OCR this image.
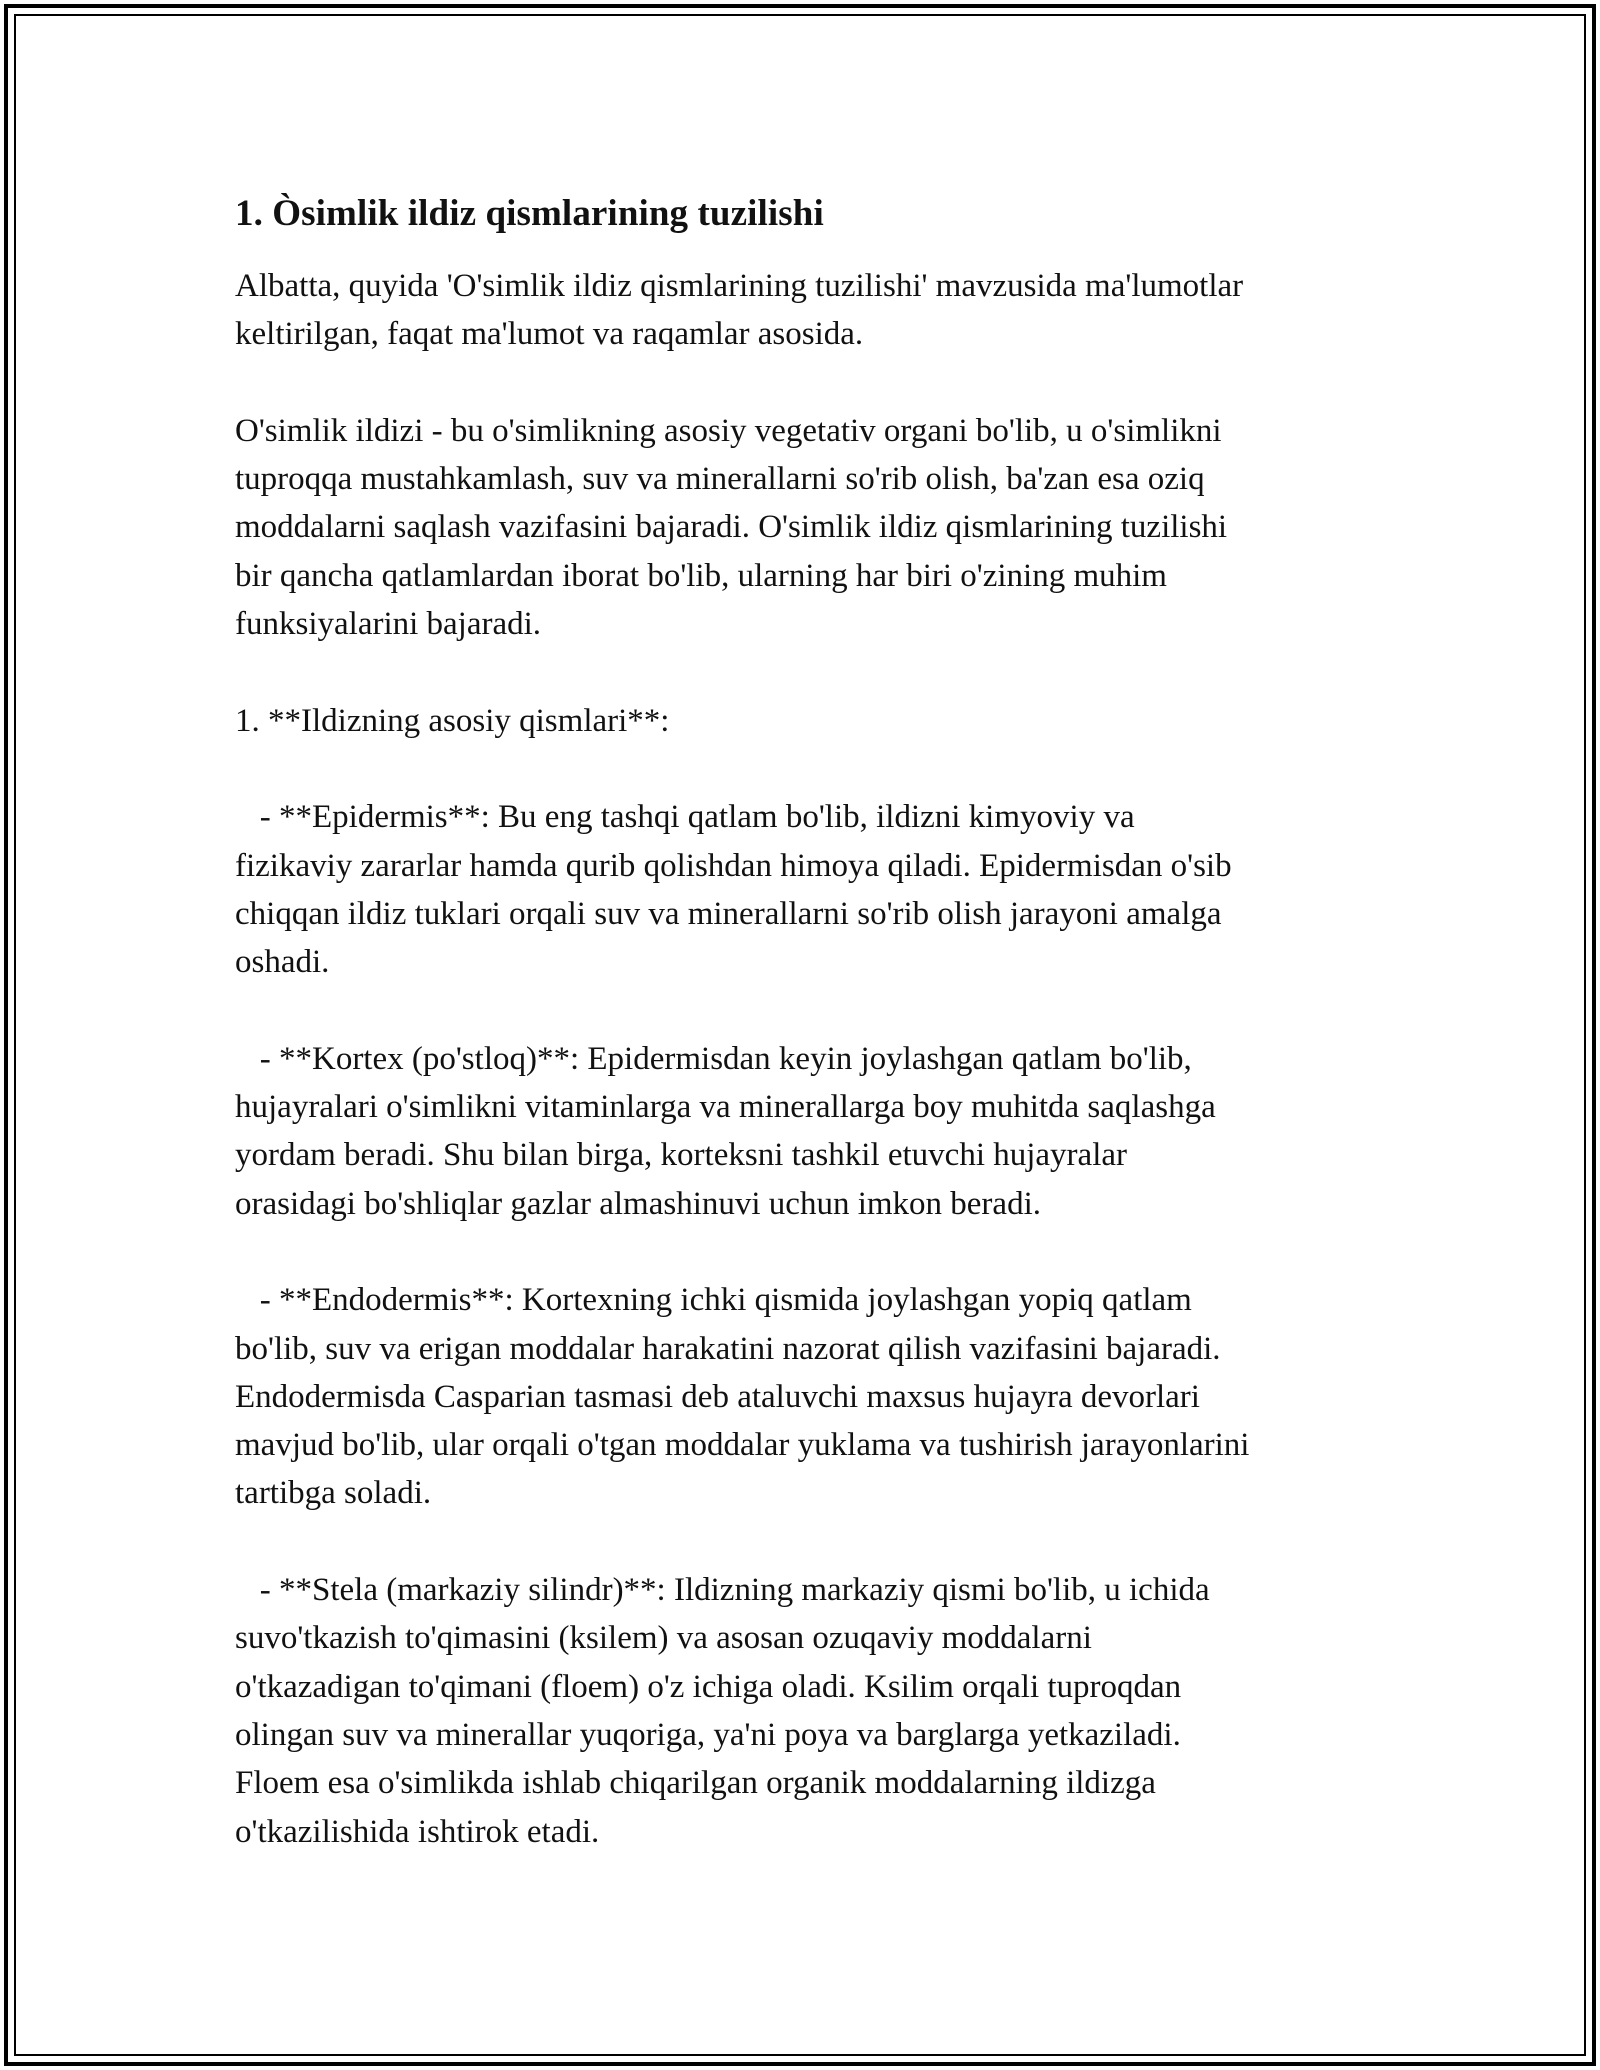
1. Òsimlik ildiz qismlarining tuzilishi

Albatta, quyida 'O'simlik ildiz qismlarining tuzilishi' mavzusida ma'lumotlar
keltirilgan, faqat ma'lumot va raqamlar asosida.

O'simlik ildizi - bu o'simlikning asosiy vegetativ organi bo'lib, u o'simlikni
tuproqqa mustahkamlash, suv va minerallarni so'rib olish, ba'zan esa oziq
moddalarni saqlash vazifasini bajaradi. O'simlik ildiz qismlarining tuzilishi
bir qancha qatlamlardan iborat bo'lib, ularning har biri o'zining muhim
funksiyalarini bajaradi.

1. **Ildizning asosiy qismlari**:

- **Epidermis**: Bu eng tashqi qatlam bo'lib, ildizni kimyoviy va
fizikaviy zararlar hamda qurib qolishdan himoya qiladi. Epidermisdan o'sib
chiqqan ildiz tuklari orqali suv va minerallarni so'rib olish jarayoni amalga
oshadi.

- **Kortex (po'stloq)**: Epidermisdan keyin joylashgan qatlam bo'lib,
hujayralari o'simlikni vitaminlarga va minerallarga boy muhitda saqlashga
yordam beradi. Shu bilan birga, korteksni tashkil etuvchi hujayralar
orasidagi bo'shliqlar gazlar almashinuvi uchun imkon beradi.

- **Endodermis**: Kortexning ichki qismida joylashgan yopiq qatlam
bo'lib, suv va erigan moddalar harakatini nazorat qilish vazifasini bajaradi.
Endodermisda Casparian tasmasi deb ataluvchi maxsus hujayra devorlari
mavjud bo'lib, ular orqali o'tgan moddalar yuklama va tushirish jarayonlarini
tartibga soladi.

- **Stela (markaziy silindr)**: Ildizning markaziy qismi bo'lib, u ichida
suvo'tkazish to'qimasini (ksilem) va asosan ozuqaviy moddalarni
o'tkazadigan to'qimani (floem) o'z ichiga oladi. Ksilim orqali tuproqdan
olingan suv va minerallar yuqoriga, ya'ni poya va barglarga yetkaziladi.
Floem esa o'simlikda ishlab chiqarilgan organik moddalarning ildizga
o'tkazilishida ishtirok etadi.
